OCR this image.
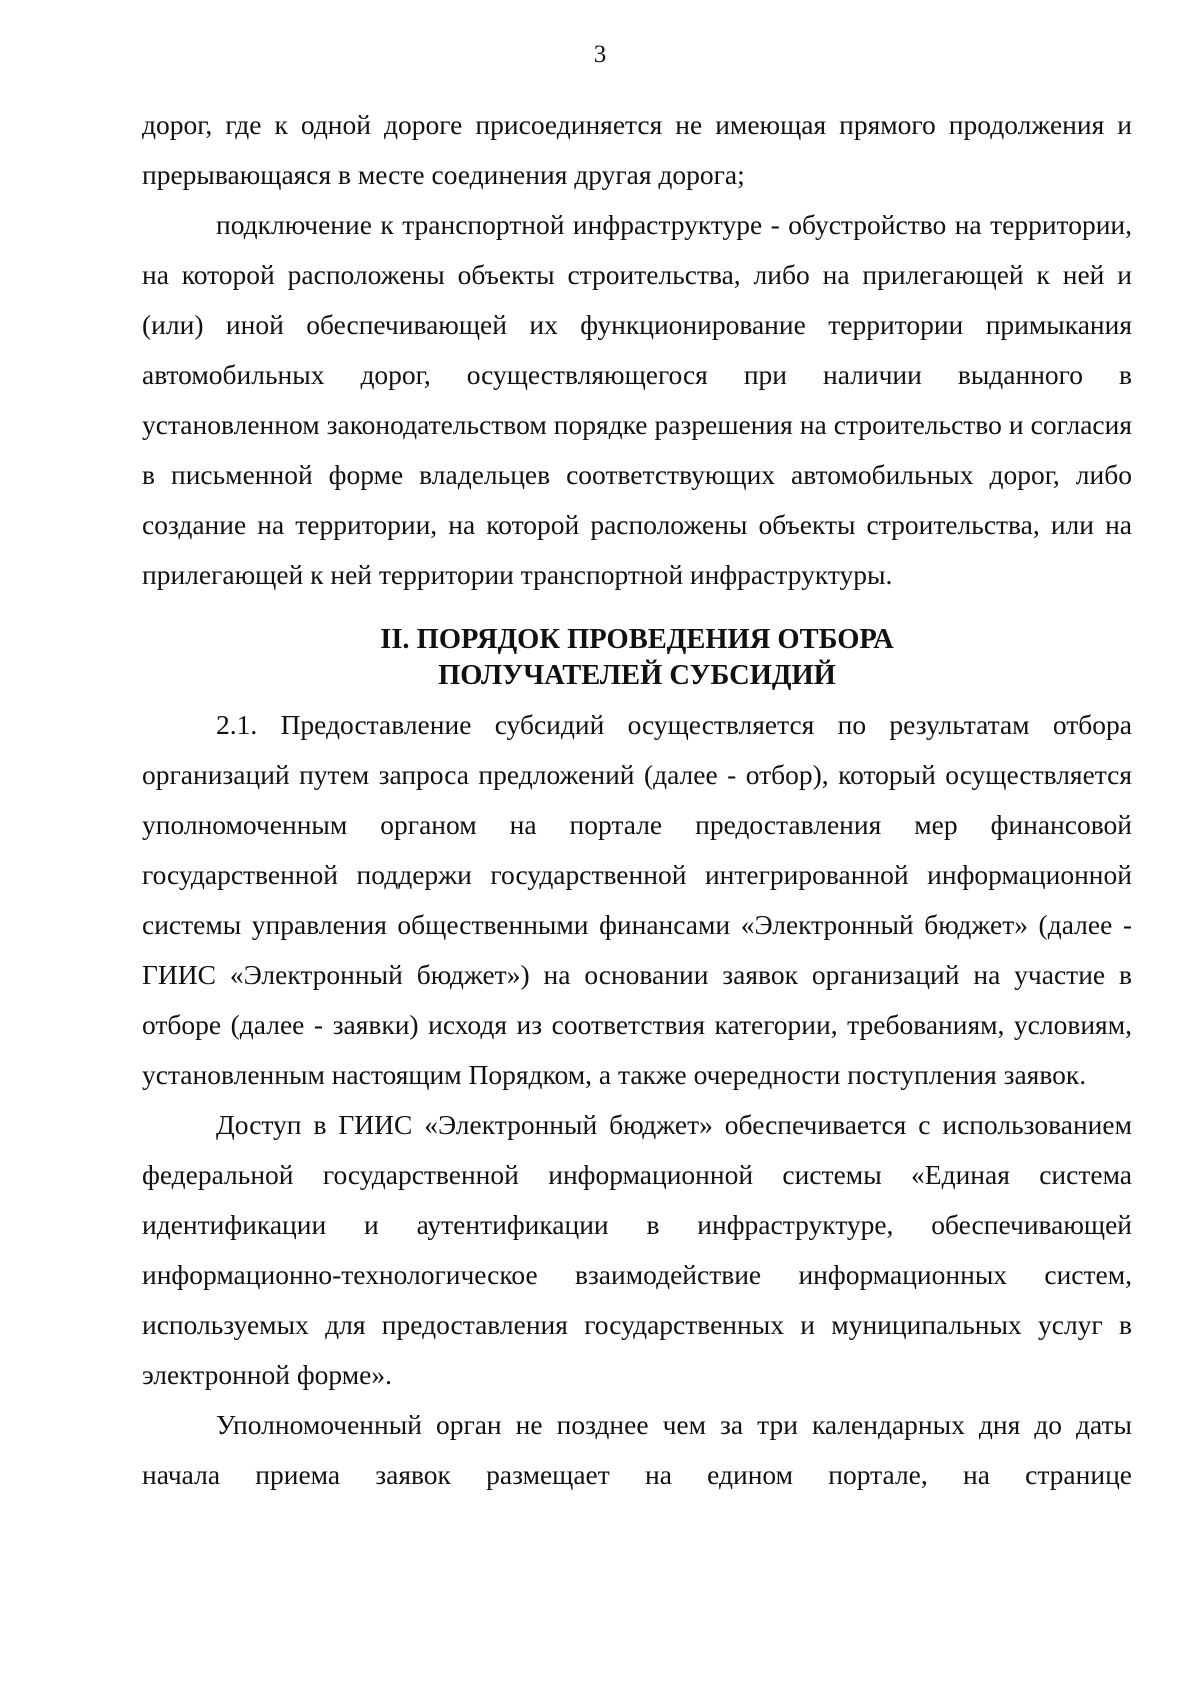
3

дорог, где к одной дороге присоединяется не имеющая прямого продолжения и прерывающаяся в месте соединения другая дорога;

подключение к транспортной инфраструктуре - обустройство на территории, на которой расположены объекты строительства, либо на прилегающей к ней и (или) иной обеспечивающей их функционирование территории примыкания автомобильных дорог, осуществляющегося при наличии выданного в установленном законодательством порядке разрешения на строительство и согласия в письменной форме владельцев соответствующих автомобильных дорог, либо создание на территории, на которой расположены объекты строительства, или на прилегающей к ней территории транспортной инфраструктуры.

II. ПОРЯДОК ПРОВЕДЕНИЯ ОТБОРА
ПОЛУЧАТЕЛЕЙ СУБСИДИЙ

2.1. Предоставление субсидий осуществляется по результатам отбора организаций путем запроса предложений (далее - отбор), который осуществляется уполномоченным органом на портале предоставления мер финансовой государственной поддержи государственной интегрированной информационной системы управления общественными финансами «Электронный бюджет» (далее - ГИИС «Электронный бюджет») на основании заявок организаций на участие в отборе (далее - заявки) исходя из соответствия категории, требованиям, условиям, установленным настоящим Порядком, а также очередности поступления заявок.

Доступ в ГИИС «Электронный бюджет» обеспечивается с использованием федеральной государственной информационной системы «Единая система идентификации и аутентификации в инфраструктуре, обеспечивающей информационно-технологическое взаимодействие информационных систем, используемых для предоставления государственных и муниципальных услуг в электронной форме».

Уполномоченный орган не позднее чем за три календарных дня до даты начала приема заявок размещает на едином портале, на странице
